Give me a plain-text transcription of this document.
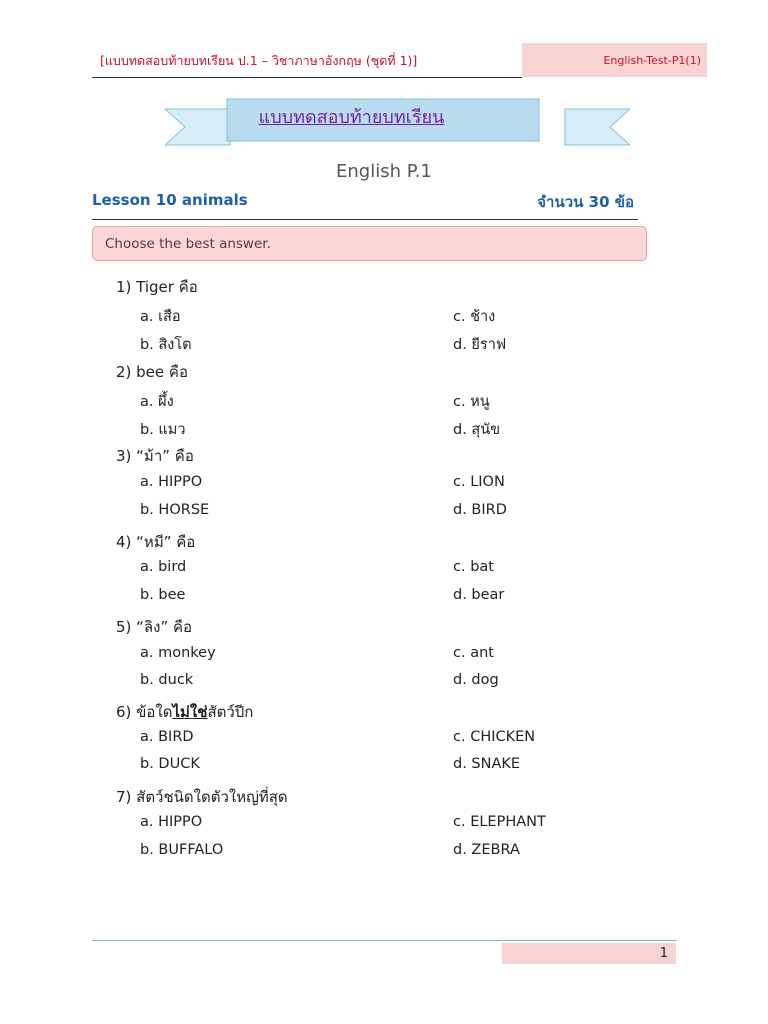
[แบบทดสอบท้ายบทเรียน ป.1 – วิชาภาษาอังกฤษ (ชุดที่ 1)]	English-Test-P1(1)
แบบทดสอบท้ายบทเรียน
English P.1
Lesson 10 animals	จำนวน 30 ข้อ
Choose the best answer.
1) Tiger คือ
a. เสือ	c. ช้าง
b. สิงโต	d. ยีราฟ
2) bee คือ
a. ผึ้ง	c. หนู
b. แมว	d. สุนัข
3) “ม้า” คือ
a. HIPPO	c. LION
b. HORSE	d. BIRD
4) “หมี” คือ
a. bird	c. bat
b. bee	d. bear
5) “ลิง” คือ
a. monkey	c. ant
b. duck	d. dog
6) ข้อใดไม่ใช่สัตว์ปีก
a. BIRD	c. CHICKEN
b. DUCK	d. SNAKE
7) สัตว์ชนิดใดตัวใหญ่ที่สุด
a. HIPPO	c. ELEPHANT
b. BUFFALO	d. ZEBRA
1
